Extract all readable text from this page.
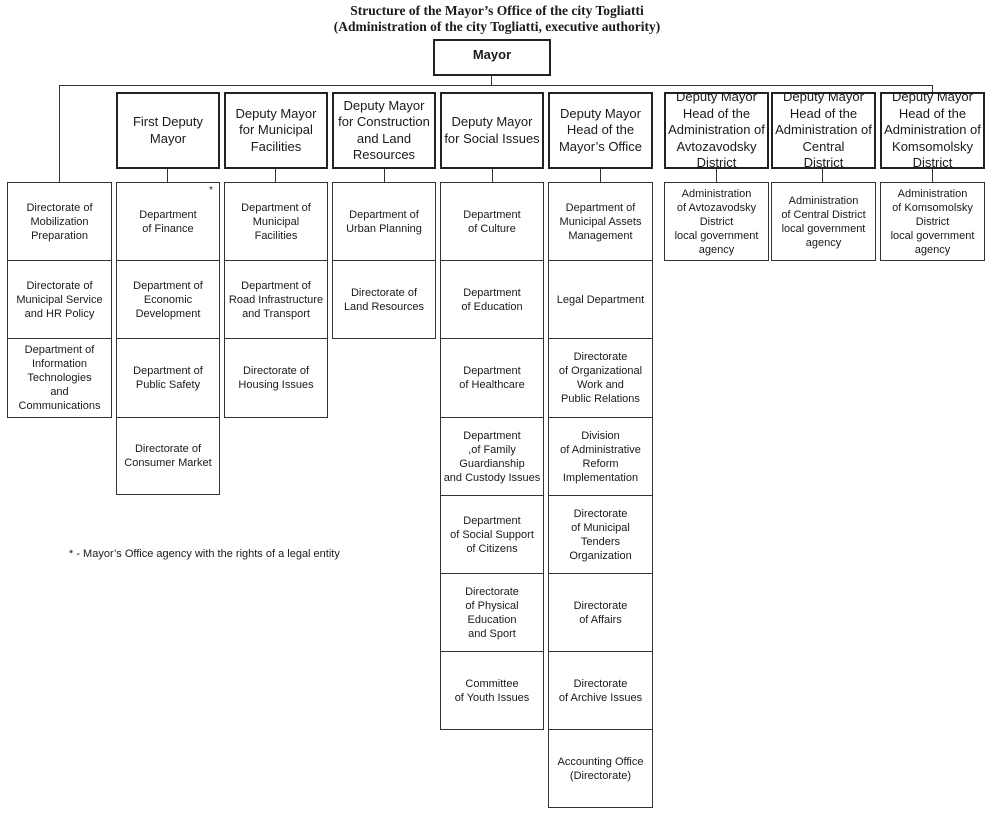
Structure of the Mayor’s Office of the city Togliatti
(Administration of the city Togliatti, executive authority)
Mayor
Directorate of
Mobilization
Preparation
Directorate of
Municipal Service
and HR Policy
Department of
Information
Technologies
and
Communications
First Deputy
Mayor
Department
of Finance
*
Department of
Economic
Development
Department of
Public Safety
Directorate of
Consumer Market
Deputy Mayor
for Municipal
Facilities
Department of
Municipal
Facilities
Department of
Road Infrastructure
and Transport
Directorate of
Housing Issues
Deputy Mayor
for Construction
and Land
Resources
Department of
Urban Planning
Directorate of
Land Resources
Deputy Mayor
for Social Issues
Department
of Culture
Department
of Education
Department
of Healthcare
Department
,of Family
Guardianship
and Custody Issues
Department
of Social Support
of Citizens
Directorate
of Physical Education
and Sport
Committee
of Youth Issues
Deputy Mayor
Head of the
Mayor’s Office
Department of
Municipal Assets
Management
Legal Department
Directorate
of Organizational
Work and
Public Relations
Division
of Administrative
Reform
Implementation
Directorate
of Municipal Tenders
Organization
Directorate
of Affairs
Directorate
of Archive Issues
Accounting Office
(Directorate)
Deputy Mayor
Head of the
Administration of
Avtozavodsky
District
Administration
of Avtozavodsky
District
local government
agency
Deputy Mayor
Head of the
Administration of
Central
District
Administration
of Central District
local government
agency
Deputy Mayor
Head of the
Administration of
Komsomolsky
District
Administration
of Komsomolsky
District
local government
agency
* - Mayor’s Office agency with the rights of a legal entity
